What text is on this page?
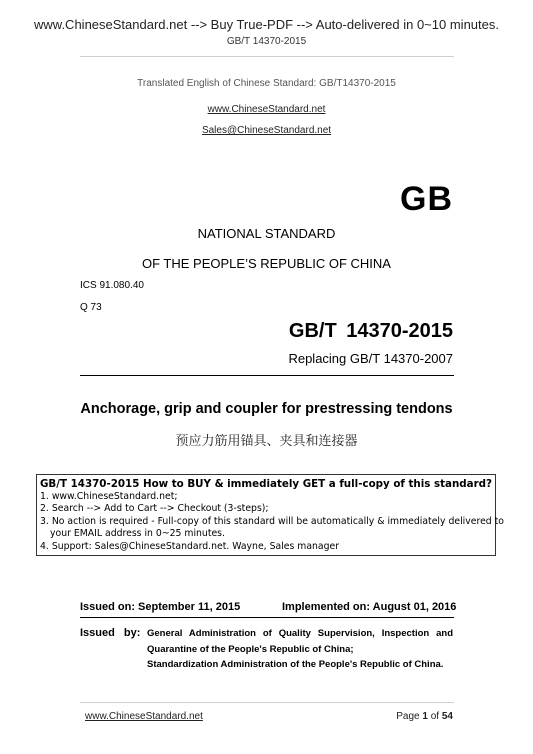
www.ChineseStandard.net --> Buy True-PDF --> Auto-delivered in 0~10 minutes.
GB/T 14370-2015
Translated English of Chinese Standard: GB/T14370-2015
www.ChineseStandard.net
Sales@ChineseStandard.net
GB
NATIONAL STANDARD
OF THE PEOPLE’S REPUBLIC OF CHINA
ICS 91.080.40
Q 73
GB/T 14370-2015
Replacing GB/T 14370-2007
Anchorage, grip and coupler for prestressing tendons
预应力筋用锚具、夹具和连接器
GB/T 14370-2015 How to BUY & immediately GET a full-copy of this standard?
1. www.ChineseStandard.net;
2. Search --> Add to Cart --> Checkout (3-steps);
3. No action is required - Full-copy of this standard will be automatically & immediately delivered to
your EMAIL address in 0~25 minutes.
4. Support: Sales@ChineseStandard.net. Wayne, Sales manager
Issued on: September 11, 2015	Implemented on: August 01, 2016
Issued by: General Administration of Quality Supervision, Inspection and Quarantine of the People's Republic of China;
Standardization Administration of the People's Republic of China.
www.ChineseStandard.net	Page 1 of 54
